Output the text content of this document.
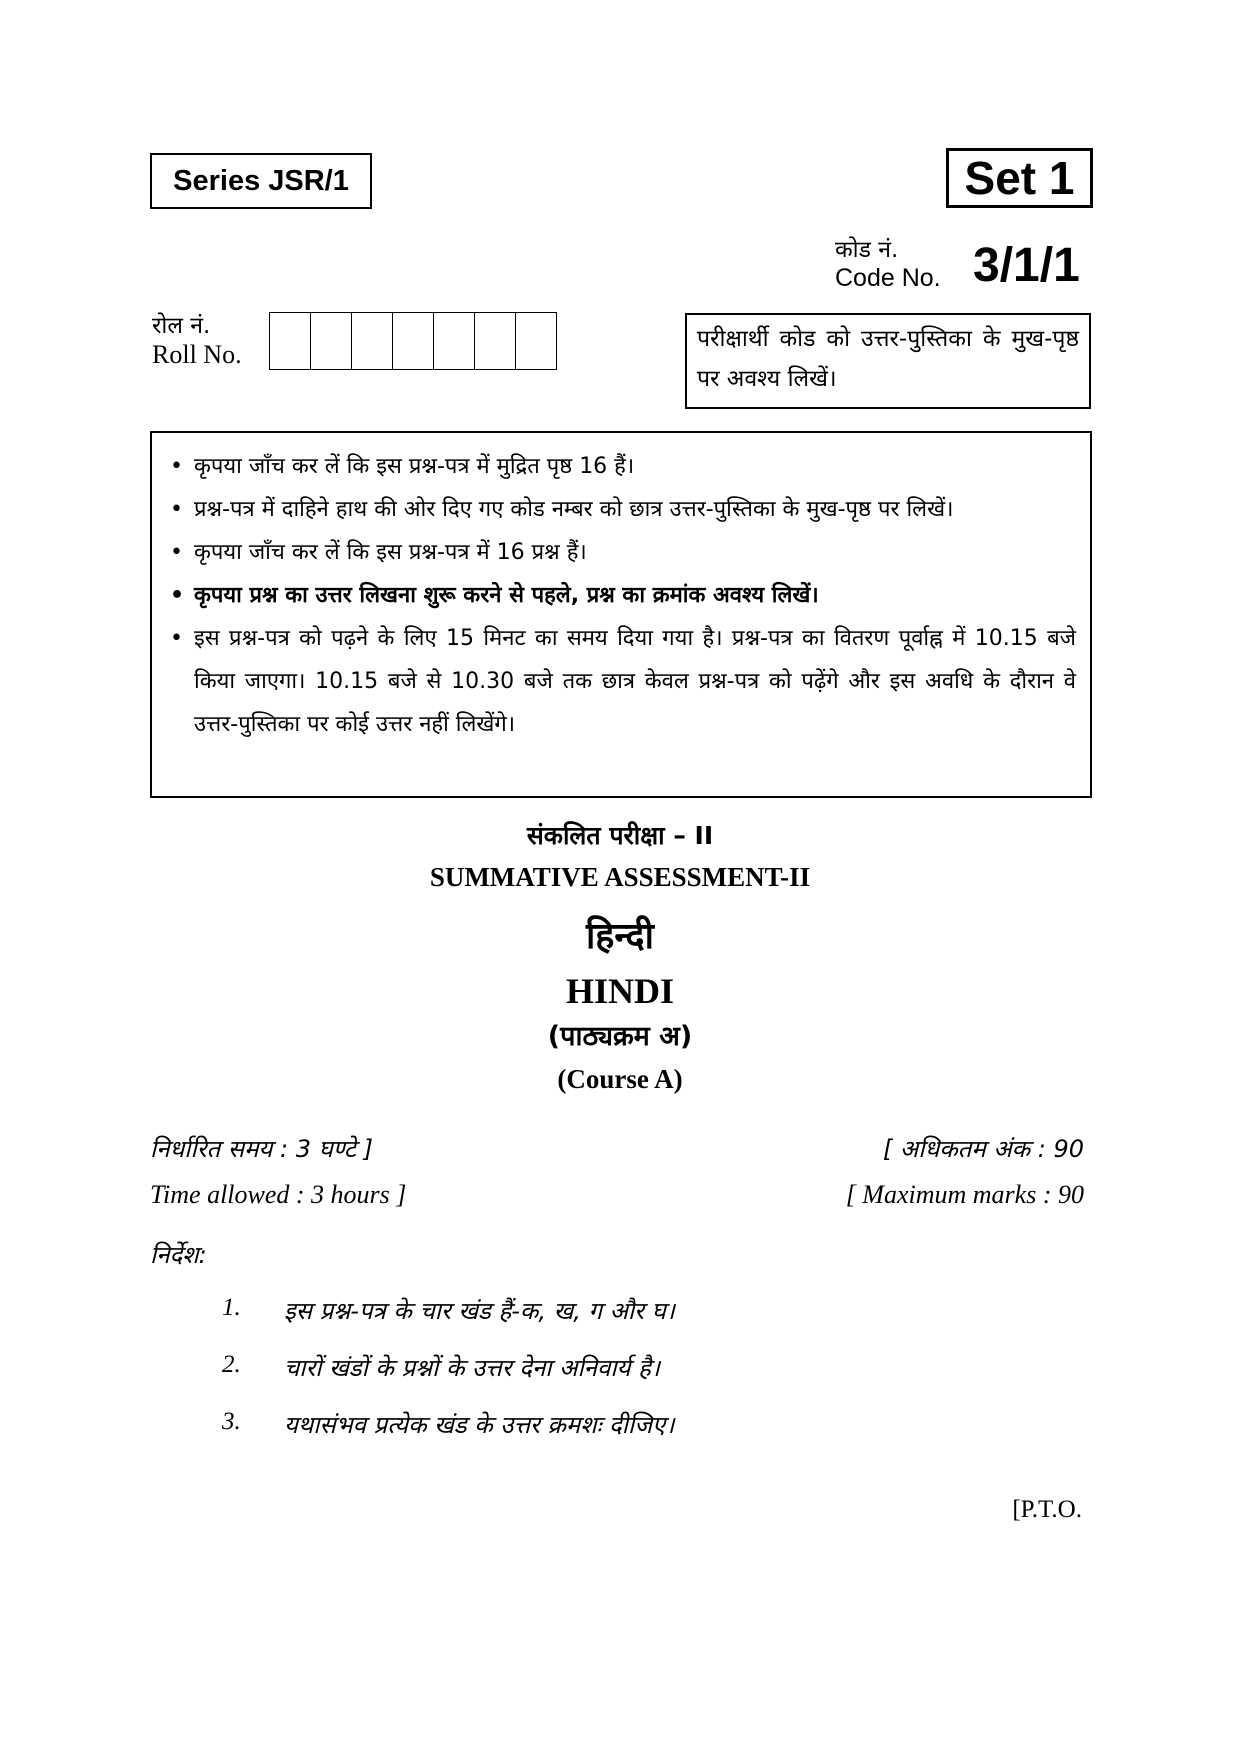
Series JSR/1	Set 1
कोड नं.
Code No. 3/1/1
रोल नं.
Roll No.
परीक्षार्थी कोड को उत्तर-पुस्तिका के मुख-पृष्ठ पर अवश्य लिखें।
• कृपया जाँच कर लें कि इस प्रश्न-पत्र में मुद्रित पृष्ठ 16 हैं।
• प्रश्न-पत्र में दाहिने हाथ की ओर दिए गए कोड नम्बर को छात्र उत्तर-पुस्तिका के मुख-पृष्ठ पर लिखें।
• कृपया जाँच कर लें कि इस प्रश्न-पत्र में 16 प्रश्न हैं।
• कृपया प्रश्न का उत्तर लिखना शुरू करने से पहले, प्रश्न का क्रमांक अवश्य लिखें।
• इस प्रश्न-पत्र को पढ़ने के लिए 15 मिनट का समय दिया गया है। प्रश्न-पत्र का वितरण पूर्वाह्न में 10.15 बजे किया जाएगा। 10.15 बजे से 10.30 बजे तक छात्र केवल प्रश्न-पत्र को पढ़ेंगे और इस अवधि के दौरान वे उत्तर-पुस्तिका पर कोई उत्तर नहीं लिखेंगे।
संकलित परीक्षा – II
SUMMATIVE ASSESSMENT-II
हिन्दी
HINDI
(पाठ्यक्रम अ)
(Course A)
निर्धारित समय : 3 घण्टे ]	[ अधिकतम अंक : 90
Time allowed : 3 hours ]	[ Maximum marks : 90
निर्देश:
1.	इस प्रश्न-पत्र के चार खंड हैं-क, ख, ग और घ।
2.	चारों खंडों के प्रश्नों के उत्तर देना अनिवार्य है।
3.	यथासंभव प्रत्येक खंड के उत्तर क्रमशः दीजिए।
[P.T.O.
